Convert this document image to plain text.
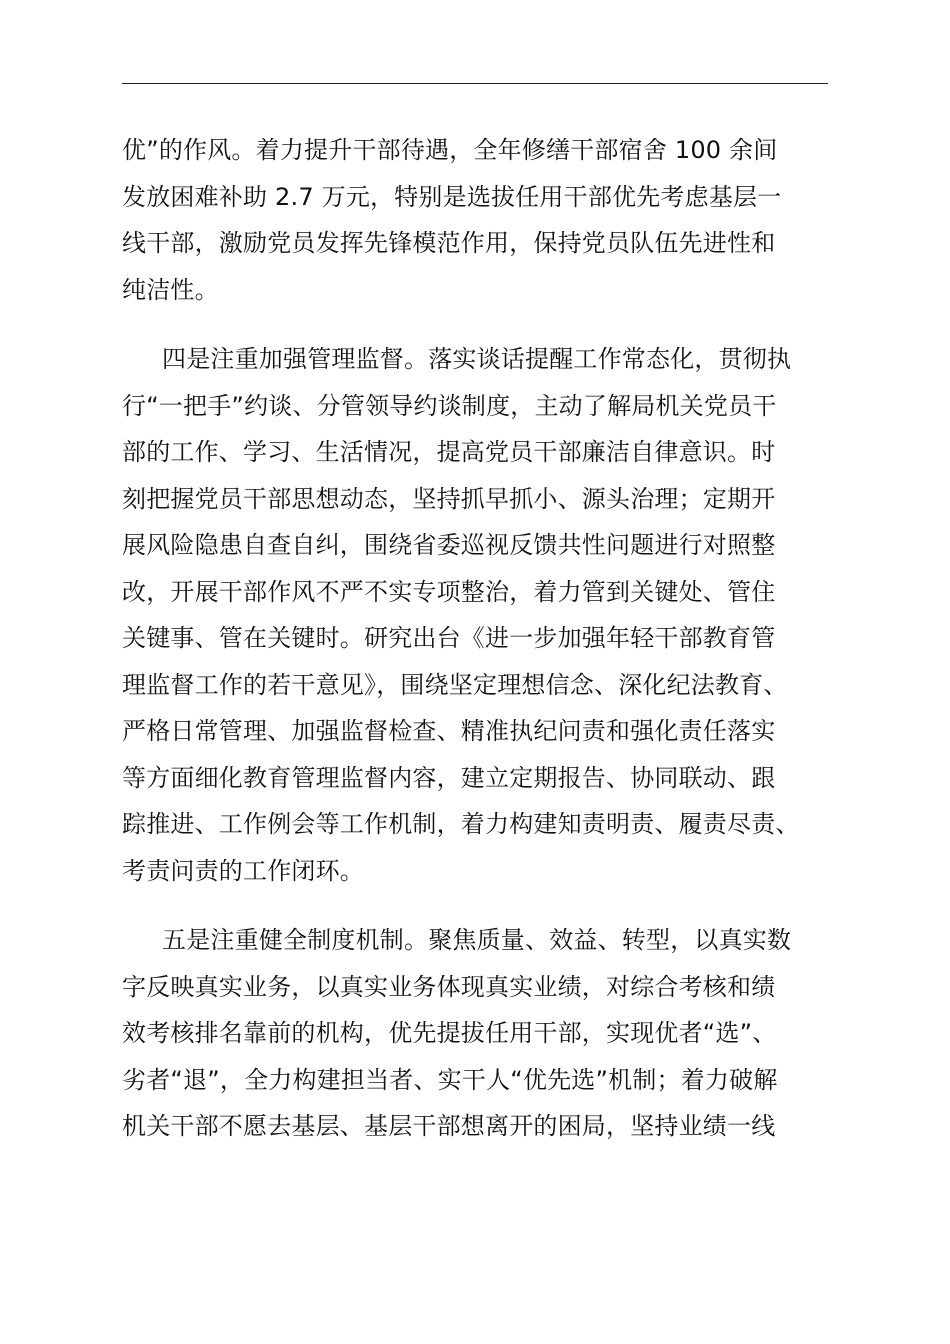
优”的作风。着力提升干部待遇，全年修缮干部宿舍 100 余间
发放困难补助 2.7 万元，特别是选拔任用干部优先考虑基层一
线干部，激励党员发挥先锋模范作用，保持党员队伍先进性和
纯洁性。
四是注重加强管理监督。落实谈话提醒工作常态化，贯彻执
行“一把手”约谈、分管领导约谈制度，主动了解局机关党员干
部的工作、学习、生活情况，提高党员干部廉洁自律意识。时
刻把握党员干部思想动态，坚持抓早抓小、源头治理；定期开
展风险隐患自查自纠，围绕省委巡视反馈共性问题进行对照整
改，开展干部作风不严不实专项整治，着力管到关键处、管住
关键事、管在关键时。研究出台《进一步加强年轻干部教育管
理监督工作的若干意见》，围绕坚定理想信念、深化纪法教育、
严格日常管理、加强监督检查、精准执纪问责和强化责任落实
等方面细化教育管理监督内容，建立定期报告、协同联动、跟
踪推进、工作例会等工作机制，着力构建知责明责、履责尽责、
考责问责的工作闭环。
五是注重健全制度机制。聚焦质量、效益、转型，以真实数
字反映真实业务，以真实业务体现真实业绩，对综合考核和绩
效考核排名靠前的机构，优先提拔任用干部，实现优者“选”、
劣者“退”，全力构建担当者、实干人“优先选”机制；着力破解
机关干部不愿去基层、基层干部想离开的困局，坚持业绩一线
